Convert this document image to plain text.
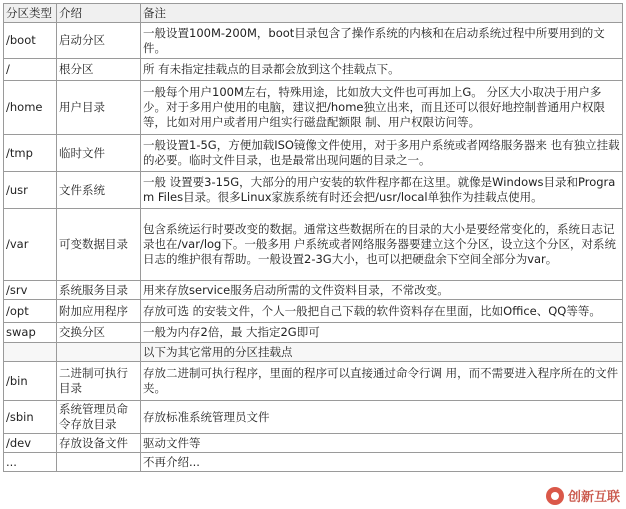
分区类型	介绍	备注
/boot	启动分区	一般设置100M-200M，boot目录包含了操作系统的内核和在启动系统过程中所要用到的文件。
/	根分区	所 有未指定挂载点的目录都会放到这个挂载点下。
/home	用户目录	一般每个用户100M左右，特殊用途，比如放大文件也可再加上G。 分区大小取决于用户多少。对于多用户使用的电脑，建议把/home独立出来，而且还可以很好地控制普通用户权限等，比如对用户或者用户组实行磁盘配额限 制、用户权限访问等。
/tmp	临时文件	一般设置1-5G，方便加载ISO镜像文件使用，对于多用户系统或者网络服务器来 也有独立挂载的必要。临时文件目录，也是最常出现问题的目录之一。
/usr	文件系统	一般 设置要3-15G，大部分的用户安装的软件程序都在这里。就像是Windows目录和Program Files目录。很多Linux家族系统有时还会把/usr/local单独作为挂载点使用。
/var	可变数据目录	包含系统运行时要改变的数据。通常这些数据所在的目录的大小是要经常变化的，系统日志记录也在/var/log下。一般多用 户系统或者网络服务器要建立这个分区，设立这个分区，对系统日志的维护很有帮助。一般设置2-3G大小，也可以把硬盘余下空间全部分为var。
/srv	系统服务目录	用来存放service服务启动所需的文件资料目录，不常改变。
/opt	附加应用程序	存放可选 的安装文件，个人一般把自己下载的软件资料存在里面，比如Office、QQ等等。
swap	交换分区	一般为内存2倍，最 大指定2G即可
		以下为其它常用的分区挂载点
/bin	二进制可执行目录	存放二进制可执行程序，里面的程序可以直接通过命令行调 用，而不需要进入程序所在的文件夹。
/sbin	系统管理员命令存放目录	存放标准系统管理员文件
/dev	存放设备文件	驱动文件等
...		不再介绍...
创新互联
